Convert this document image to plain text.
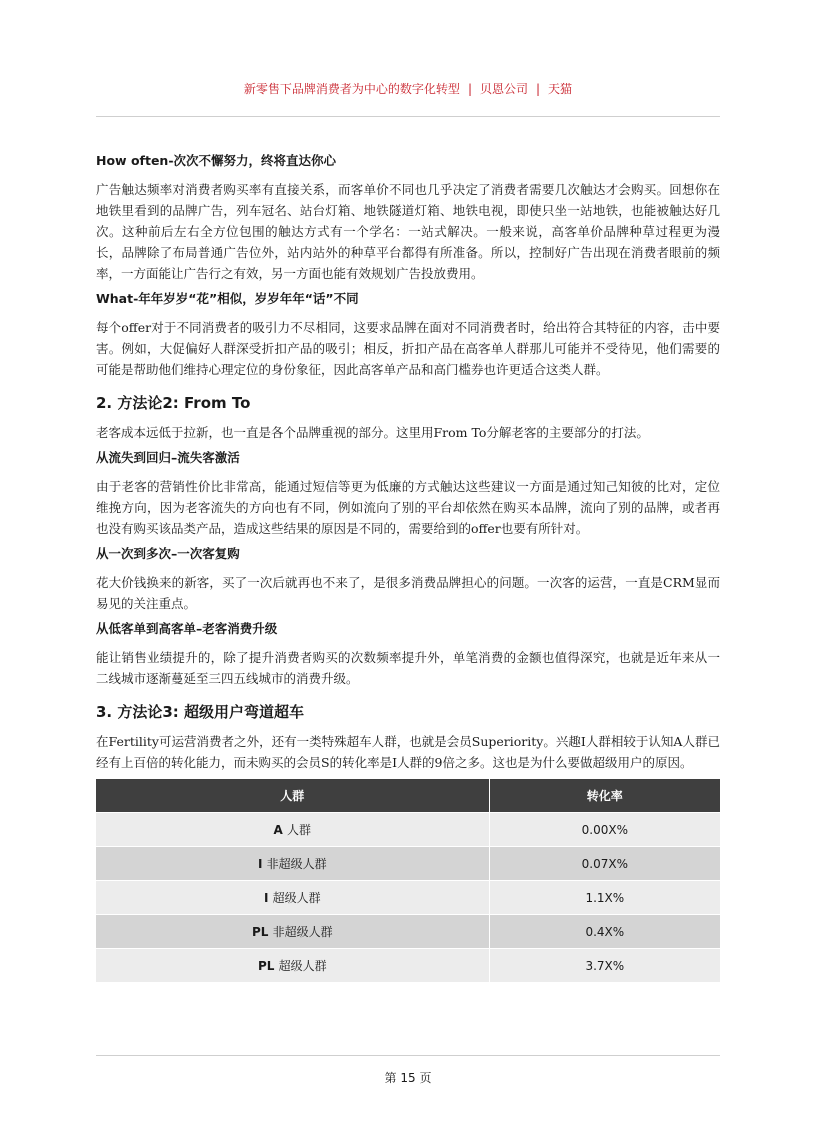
新零售下品牌消费者为中心的数字化转型 | 贝恩公司 | 天猫
How often-次次不懈努力，终将直达你心

广告触达频率对消费者购买率有直接关系，而客单价不同也几乎决定了消费者需要几次触达才会购买。回想你在地铁里看到的品牌广告，列车冠名、站台灯箱、地铁隧道灯箱、地铁电视，即使只坐一站地铁，也能被触达好几次。这种前后左右全方位包围的触达方式有一个学名：一站式解决。一般来说，高客单价品牌种草过程更为漫长，品牌除了布局普通广告位外，站内站外的种草平台都得有所准备。所以，控制好广告出现在消费者眼前的频率，一方面能让广告行之有效，另一方面也能有效规划广告投放费用。

What-年年岁岁“花”相似，岁岁年年“话”不同

每个offer对于不同消费者的吸引力不尽相同，这要求品牌在面对不同消费者时，给出符合其特征的内容，击中要害。例如，大促偏好人群深受折扣产品的吸引；相反，折扣产品在高客单人群那儿可能并不受待见，他们需要的可能是帮助他们维持心理定位的身份象征，因此高客单产品和高门槛券也许更适合这类人群。

2. 方法论2: From To

老客成本远低于拉新，也一直是各个品牌重视的部分。这里用From To分解老客的主要部分的打法。

从流失到回归–流失客激活

由于老客的营销性价比非常高，能通过短信等更为低廉的方式触达这些建议一方面是通过知己知彼的比对，定位维挽方向，因为老客流失的方向也有不同，例如流向了别的平台却依然在购买本品牌，流向了别的品牌，或者再也没有购买该品类产品，造成这些结果的原因是不同的，需要给到的offer也要有所针对。

从一次到多次–一次客复购

花大价钱换来的新客，买了一次后就再也不来了，是很多消费品牌担心的问题。一次客的运营，一直是CRM显而易见的关注重点。

从低客单到高客单–老客消费升级

能让销售业绩提升的，除了提升消费者购买的次数频率提升外，单笔消费的金额也值得深究，也就是近年来从一二线城市逐渐蔓延至三四五线城市的消费升级。

3. 方法论3: 超级用户弯道超车

在Fertility可运营消费者之外，还有一类特殊超车人群，也就是会员Superiority。兴趣I人群相较于认知A人群已经有上百倍的转化能力，而未购买的会员S的转化率是I人群的9倍之多。这也是为什么要做超级用户的原因。

人群	转化率
A 人群	0.00X%
I 非超级人群	0.07X%
I 超级人群	1.1X%
PL 非超级人群	0.4X%
PL 超级人群	3.7X%
第 15 页
